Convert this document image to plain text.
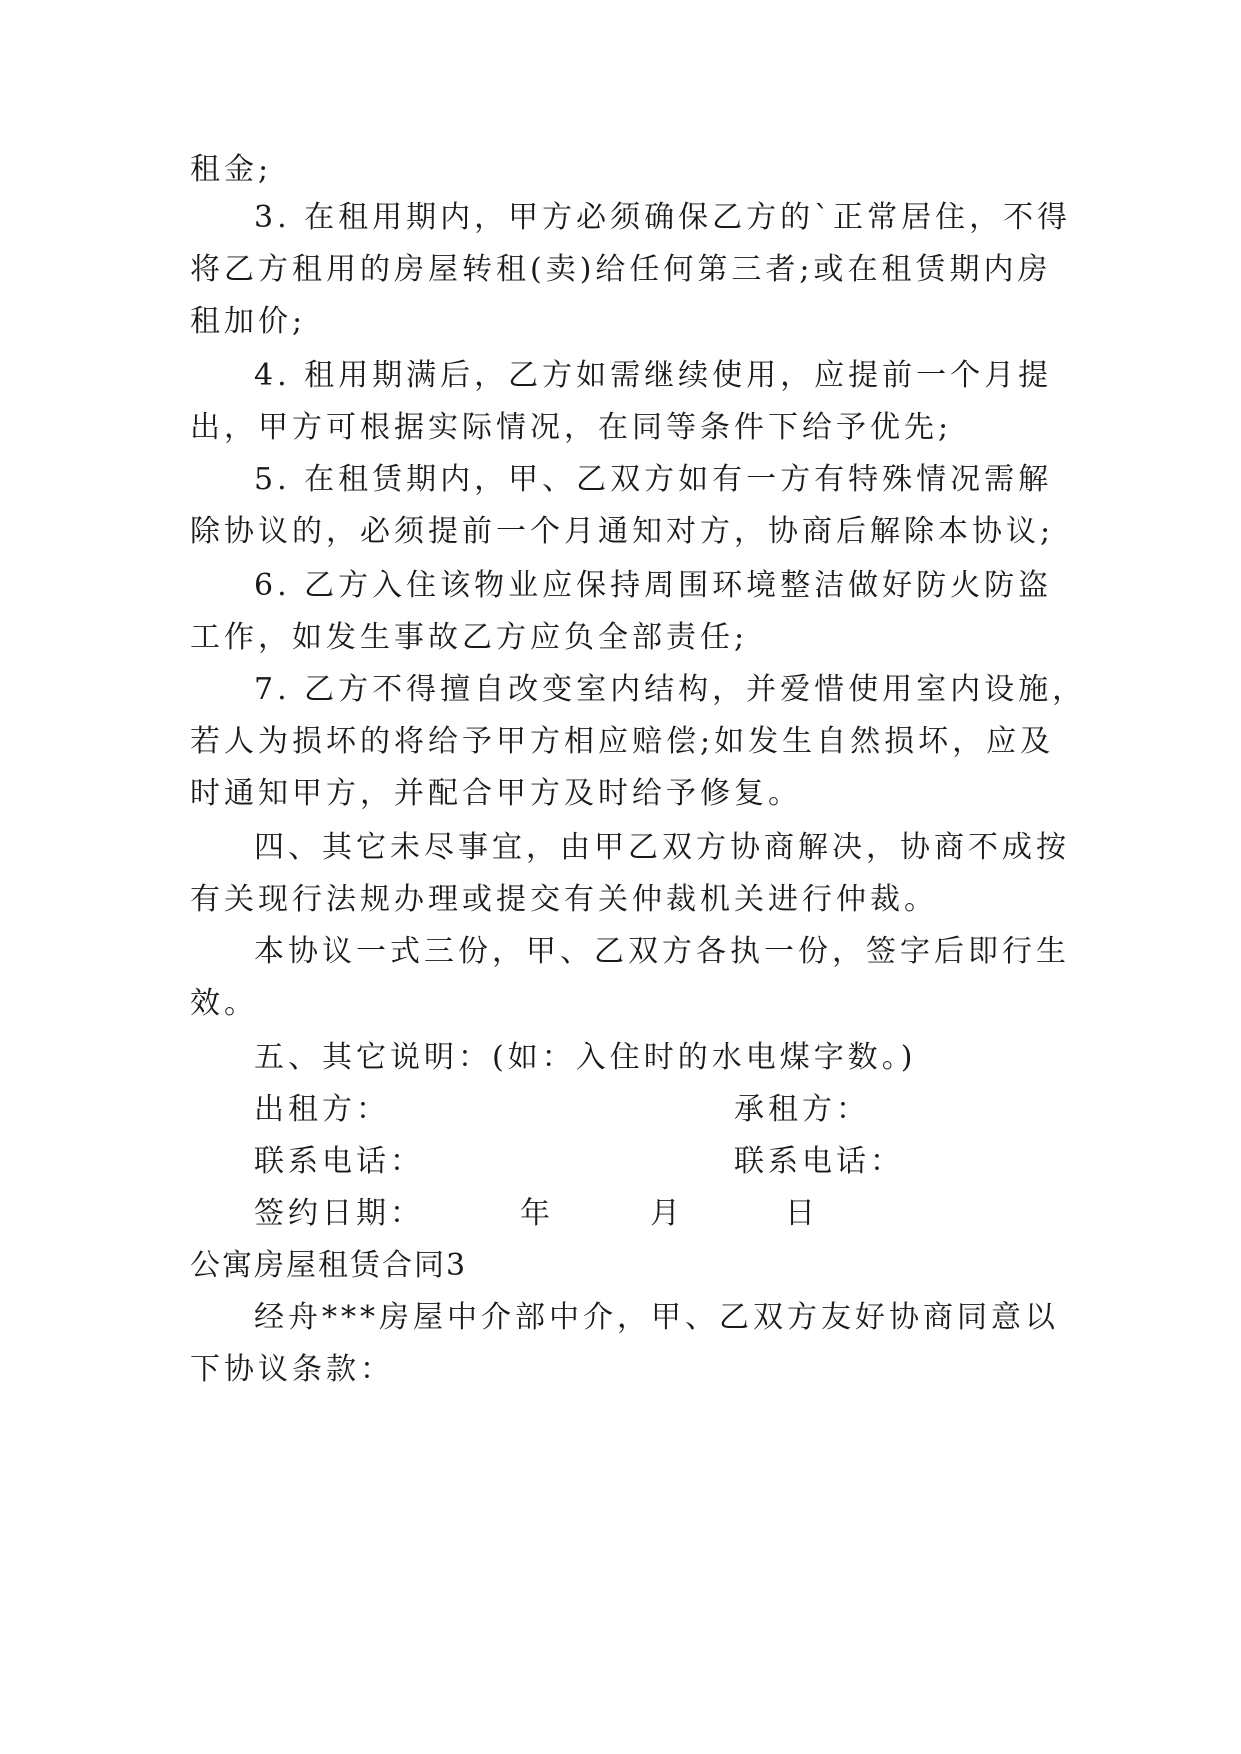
租金;
3. 在租用期内，甲方必须确保乙方的`正常居住，不得
将乙方租用的房屋转租(卖)给任何第三者;或在租赁期内房
租加价;
4. 租用期满后，乙方如需继续使用，应提前一个月提
出，甲方可根据实际情况，在同等条件下给予优先;
5. 在租赁期内，甲、乙双方如有一方有特殊情况需解
除协议的，必须提前一个月通知对方，协商后解除本协议;
6. 乙方入住该物业应保持周围环境整洁做好防火防盗
工作，如发生事故乙方应负全部责任;
7. 乙方不得擅自改变室内结构，并爱惜使用室内设施，
若人为损坏的将给予甲方相应赔偿;如发生自然损坏，应及
时通知甲方，并配合甲方及时给予修复。
四、其它未尽事宜，由甲乙双方协商解决，协商不成按
有关现行法规办理或提交有关仲裁机关进行仲裁。
本协议一式三份，甲、乙双方各执一份，签字后即行生
效。
五、其它说明：(如：入住时的水电煤字数。)
出租方：	承租方：
联系电话：	联系电话：
签约日期：	年	月	日
公寓房屋租赁合同3
经舟***房屋中介部中介，甲、乙双方友好协商同意以
下协议条款：
